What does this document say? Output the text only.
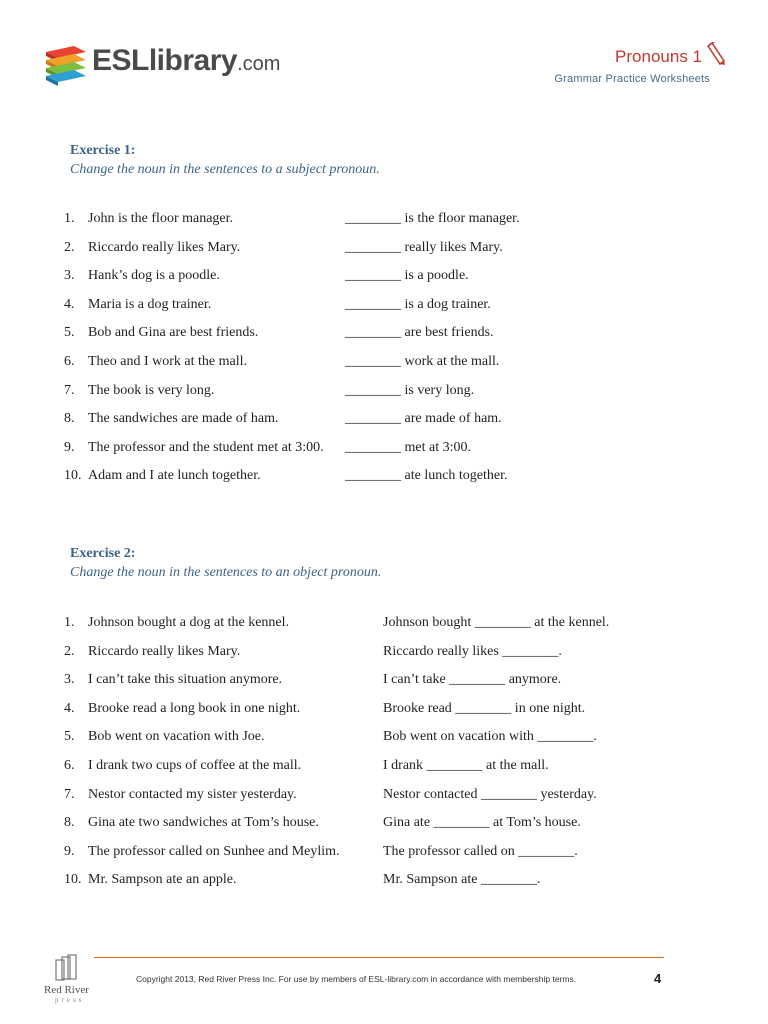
ESLlibrary.com	Pronouns 1
Grammar Practice Worksheets
Exercise 1:
Change the noun in the sentences to a subject pronoun.
1. John is the floor manager.	________ is the floor manager.
2. Riccardo really likes Mary.	________ really likes Mary.
3. Hank’s dog is a poodle.	________ is a poodle.
4. Maria is a dog trainer.	________ is a dog trainer.
5. Bob and Gina are best friends.	________ are best friends.
6. Theo and I work at the mall.	________ work at the mall.
7. The book is very long.	________ is very long.
8. The sandwiches are made of ham.	________ are made of ham.
9. The professor and the student met at 3:00. ________ met at 3:00.
10. Adam and I ate lunch together.	________ ate lunch together.
Exercise 2:
Change the noun in the sentences to an object pronoun.
1. Johnson bought a dog at the kennel.	Johnson bought ________ at the kennel.
2. Riccardo really likes Mary.	Riccardo really likes ________.
3. I can’t take this situation anymore.	I can’t take ________ anymore.
4. Brooke read a long book in one night.	Brooke read ________ in one night.
5. Bob went on vacation with Joe.	Bob went on vacation with ________.
6. I drank two cups of coffee at the mall.	I drank ________ at the mall.
7. Nestor contacted my sister yesterday.	Nestor contacted ________ yesterday.
8. Gina ate two sandwiches at Tom’s house.	Gina ate ________ at Tom’s house.
9. The professor called on Sunhee and Meylim.	The professor called on ________.
10. Mr. Sampson ate an apple.	Mr. Sampson ate ________.
Red River
press
Copyright 2013, Red River Press Inc. For use by members of ESL-library.com in accordance with membership terms.	4
